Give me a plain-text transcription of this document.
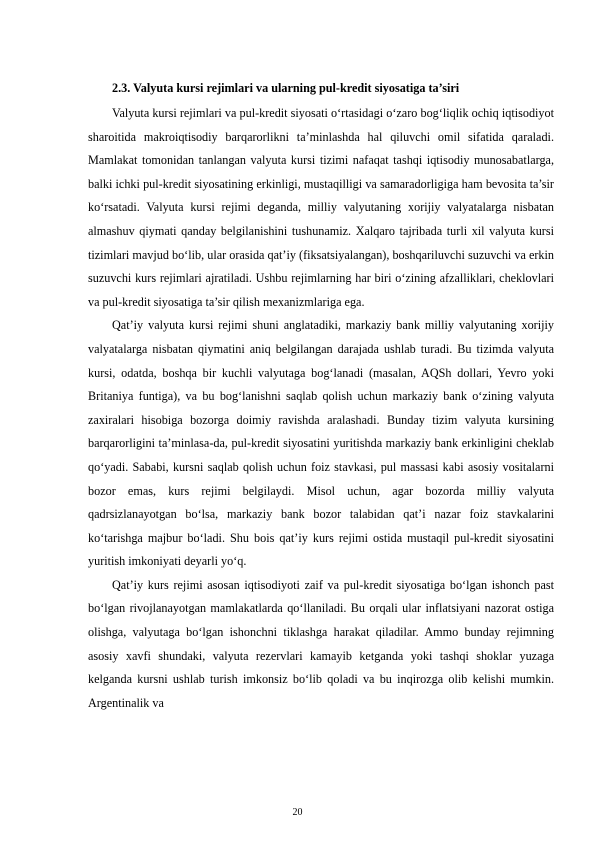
2.3. Valyuta kursi rejimlari va ularning pul-kredit siyosatiga ta’siri

Valyuta kursi rejimlari va pul-kredit siyosati o‘rtasidagi o‘zaro bog‘liqlik ochiq iqtisodiyot sharoitida makroiqtisodiy barqarorlikni ta’minlashda hal qiluvchi omil sifatida qaraladi. Mamlakat tomonidan tanlangan valyuta kursi tizimi nafaqat tashqi iqtisodiy munosabatlarga, balki ichki pul-kredit siyosatining erkinligi, mustaqilligi va samaradorligiga ham bevosita ta’sir ko‘rsatadi. Valyuta kursi rejimi deganda, milliy valyutaning xorijiy valyatalarga nisbatan almashuv qiymati qanday belgilanishini tushunamiz. Xalqaro tajribada turli xil valyuta kursi tizimlari mavjud bo‘lib, ular orasida qat’iy (fiksatsiyalangan), boshqariluvchi suzuvchi va erkin suzuvchi kurs rejimlari ajratiladi. Ushbu rejimlarning har biri o‘zining afzalliklari, cheklovlari va pul-kredit siyosatiga ta’sir qilish mexanizmlariga ega.

Qat’iy valyuta kursi rejimi shuni anglatadiki, markaziy bank milliy valyutaning xorijiy valyatalarga nisbatan qiymatini aniq belgilangan darajada ushlab turadi. Bu tizimda valyuta kursi, odatda, boshqa bir kuchli valyutaga bog‘lanadi (masalan, AQSh dollari, Yevro yoki Britaniya funtiga), va bu bog‘lanishni saqlab qolish uchun markaziy bank o‘zining valyuta zaxiralari hisobiga bozorga doimiy ravishda aralashadi. Bunday tizim valyuta kursining barqarorligini ta’minlasa-da, pul-kredit siyosatini yuritishda markaziy bank erkinligini cheklab qo‘yadi. Sababi, kursni saqlab qolish uchun foiz stavkasi, pul massasi kabi asosiy vositalarni bozor emas, kurs rejimi belgilaydi. Misol uchun, agar bozorda milliy valyuta qadrsizlanayotgan bo‘lsa, markaziy bank bozor talabidan qat’i nazar foiz stavkalarini ko‘tarishga majbur bo‘ladi. Shu bois qat’iy kurs rejimi ostida mustaqil pul-kredit siyosatini yuritish imkoniyati deyarli yo‘q.

Qat’iy kurs rejimi asosan iqtisodiyoti zaif va pul-kredit siyosatiga bo‘lgan ishonch past bo‘lgan rivojlanayotgan mamlakatlarda qo‘llaniladi. Bu orqali ular inflatsiyani nazorat ostiga olishga, valyutaga bo‘lgan ishonchni tiklashga harakat qiladilar. Ammo bunday rejimning asosiy xavfi shundaki, valyuta rezervlari kamayib ketganda yoki tashqi shoklar yuzaga kelganda kursni ushlab turish imkonsiz bo‘lib qoladi va bu inqirozga olib kelishi mumkin. Argentinalik va

20
